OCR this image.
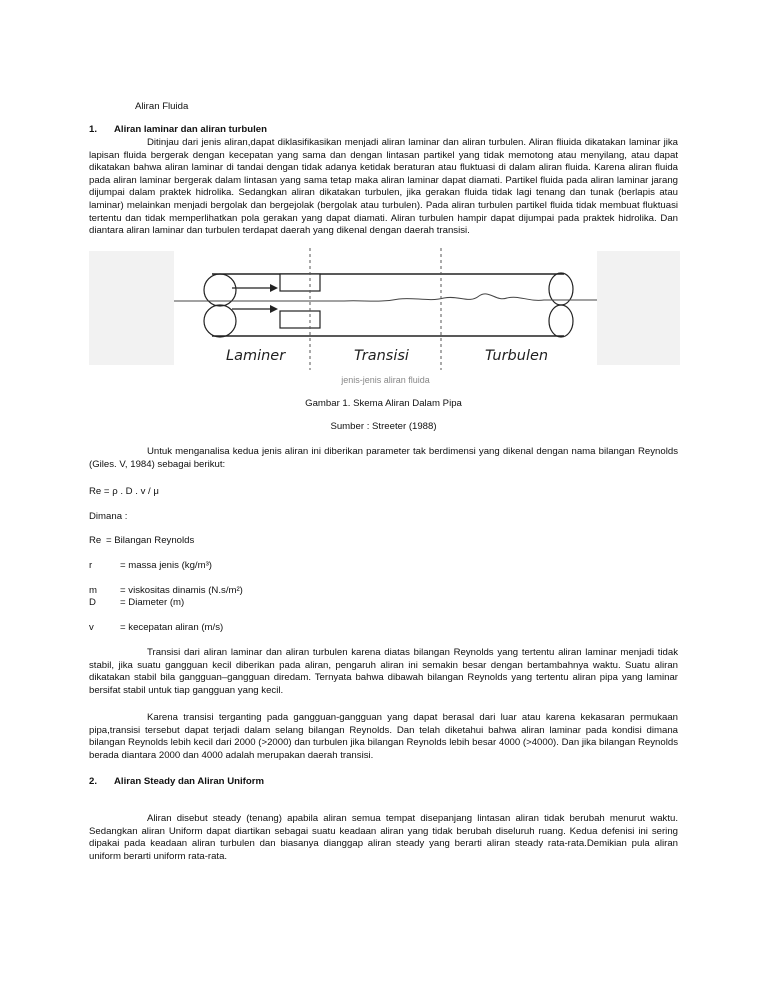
Aliran Fluida
1. Aliran laminar dan aliran turbulen
Ditinjau dari jenis aliran,dapat diklasifikasikan menjadi aliran laminar dan aliran turbulen. Aliran fliuida dikatakan laminar jika lapisan fluida bergerak dengan kecepatan yang sama dan dengan lintasan partikel yang tidak memotong atau menyilang, atau dapat dikatakan bahwa aliran laminar di tandai dengan tidak adanya ketidak beraturan atau fluktuasi di dalam aliran fluida. Karena aliran fluida pada aliran laminar bergerak dalam lintasan yang sama tetap maka aliran laminar dapat diamati. Partikel fluida pada aliran laminar jarang dijumpai dalam praktek hidrolika. Sedangkan aliran dikatakan turbulen, jika gerakan fluida tidak lagi tenang dan tunak (berlapis atau laminar) melainkan menjadi bergolak dan bergejolak (bergolak atau turbulen). Pada aliran turbulen partikel fluida tidak membuat fluktuasi tertentu dan tidak memperlihatkan pola gerakan yang dapat diamati. Aliran turbulen hampir dapat dijumpai pada praktek hidrolika. Dan diantara aliran laminar dan turbulen terdapat daerah yang dikenal dengan daerah transisi.
Laminer	Transisi	Turbulen
jenis-jenis aliran fluida
Gambar 1. Skema Aliran Dalam Pipa
Sumber : Streeter (1988)
Untuk menganalisa kedua jenis aliran ini diberikan parameter tak berdimensi yang dikenal dengan nama bilangan Reynolds (Giles. V, 1984) sebagai berikut:
Re = ρ . D . v / μ
Dimana :
Re = Bilangan Reynolds
r	= massa jenis (kg/m³)
m = viskositas dinamis (N.s/m²)
D	= Diameter (m)
v	= kecepatan aliran (m/s)
Transisi dari aliran laminar dan aliran turbulen karena diatas bilangan Reynolds yang tertentu aliran laminar menjadi tidak stabil, jika suatu gangguan kecil diberikan pada aliran, pengaruh aliran ini semakin besar dengan bertambahnya waktu. Suatu aliran dikatakan stabil bila gangguan–gangguan diredam. Ternyata bahwa dibawah bilangan Reynolds yang tertentu aliran pipa yang laminar bersifat stabil untuk tiap gangguan yang kecil.
Karena transisi terganting pada gangguan-gangguan yang dapat berasal dari luar atau karena kekasaran permukaan pipa,transisi tersebut dapat terjadi dalam selang bilangan Reynolds. Dan telah diketahui bahwa aliran laminar pada kondisi dimana bilangan Reynolds lebih kecil dari 2000 (>2000) dan turbulen jika bilangan Reynolds lebih besar 4000 (>4000). Dan jika bilangan Reynolds berada diantara 2000 dan 4000 adalah merupakan daerah transisi.
2. Aliran Steady dan Aliran Uniform
Aliran disebut steady (tenang) apabila aliran semua tempat disepanjang lintasan aliran tidak berubah menurut waktu. Sedangkan aliran Uniform dapat diartikan sebagai suatu keadaan aliran yang tidak berubah diseluruh ruang. Kedua defenisi ini sering dipakai pada keadaan aliran turbulen dan biasanya dianggap aliran steady yang berarti aliran steady rata-rata.Demikian pula aliran uniform berarti uniform rata-rata.
